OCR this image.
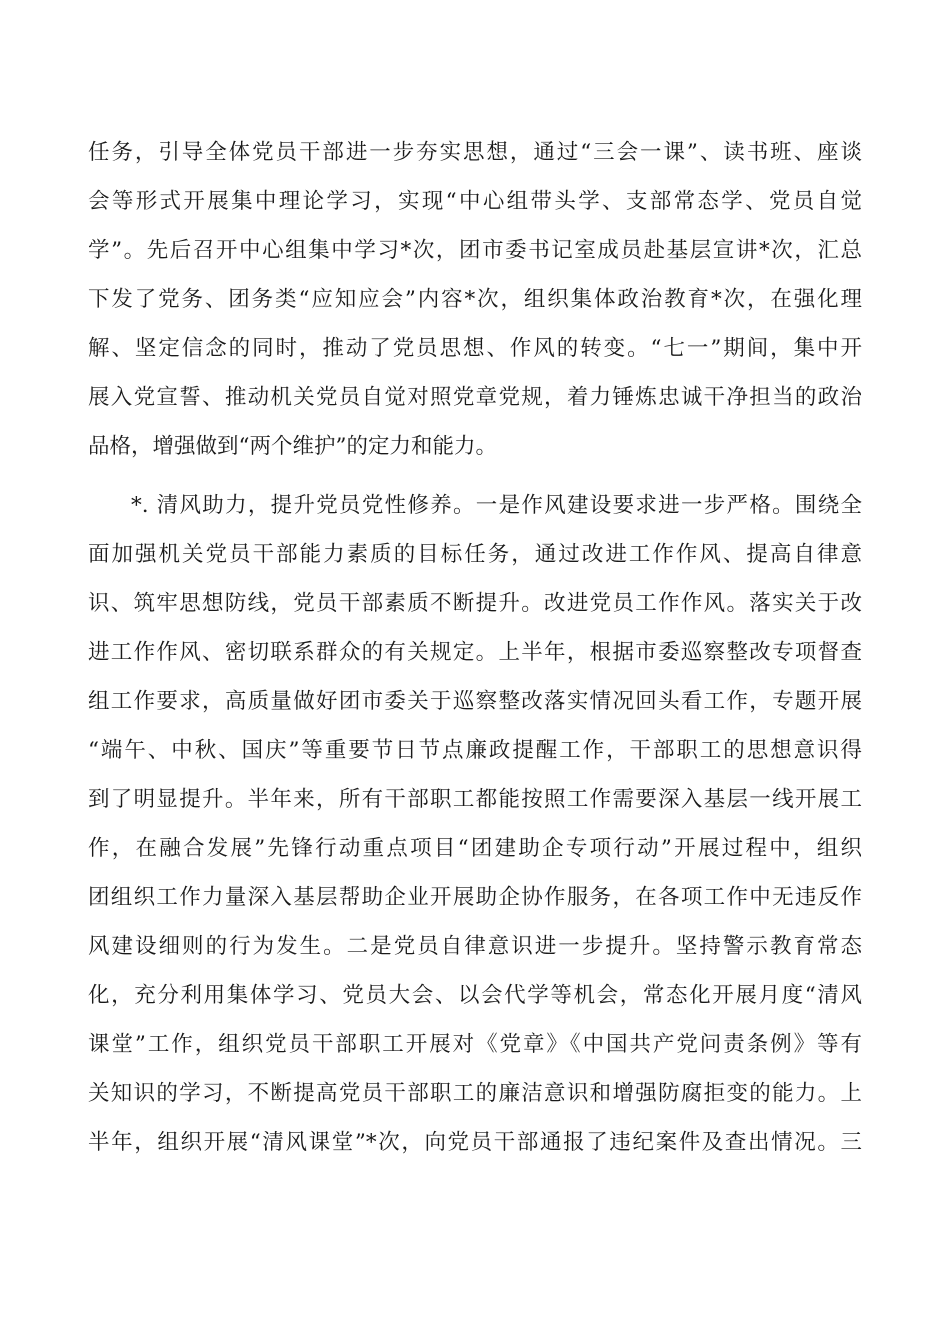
任务，引导全体党员干部进一步夯实思想，通过“三会一课”、读书班、座谈
会等形式开展集中理论学习，实现“中心组带头学、支部常态学、党员自觉
学”。先后召开中心组集中学习*次，团市委书记室成员赴基层宣讲*次，汇总
下发了党务、团务类“应知应会”内容*次，组织集体政治教育*次，在强化理
解、坚定信念的同时，推动了党员思想、作风的转变。“七一”期间，集中开
展入党宣誓、推动机关党员自觉对照党章党规，着力锤炼忠诚干净担当的政治
品格，增强做到“两个维护”的定力和能力。
*. 清风助力，提升党员党性修养。一是作风建设要求进一步严格。围绕全
面加强机关党员干部能力素质的目标任务，通过改进工作作风、提高自律意
识、筑牢思想防线，党员干部素质不断提升。改进党员工作作风。落实关于改
进工作作风、密切联系群众的有关规定。上半年，根据市委巡察整改专项督查
组工作要求，高质量做好团市委关于巡察整改落实情况回头看工作，专题开展
“端午、中秋、国庆”等重要节日节点廉政提醒工作，干部职工的思想意识得
到了明显提升。半年来，所有干部职工都能按照工作需要深入基层一线开展工
作，在融合发展”先锋行动重点项目“团建助企专项行动”开展过程中，组织
团组织工作力量深入基层帮助企业开展助企协作服务，在各项工作中无违反作
风建设细则的行为发生。二是党员自律意识进一步提升。坚持警示教育常态
化，充分利用集体学习、党员大会、以会代学等机会，常态化开展月度“清风
课堂”工作，组织党员干部职工开展对《党章》《中国共产党问责条例》等有
关知识的学习，不断提高党员干部职工的廉洁意识和增强防腐拒变的能力。上
半年，组织开展“清风课堂”*次，向党员干部通报了违纪案件及查出情况。三
